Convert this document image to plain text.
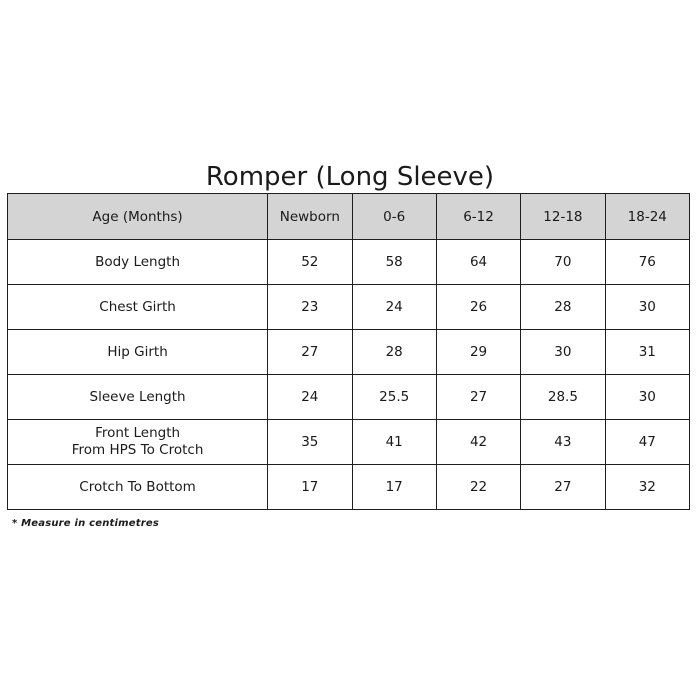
Romper (Long Sleeve)
Age (Months)	Newborn	0-6	6-12	12-18	18-24

Body Length	52	58	64	70	76

Chest Girth	23	24	26	28	30

Hip Girth	27	28	29	30	31

Sleeve Length	24	25.5	27	28.5	30

Front Length
From HPS To Crotch	35	41	42	43	47

Crotch To Bottom	17	17	22	27	32
* Measure in centimetres
